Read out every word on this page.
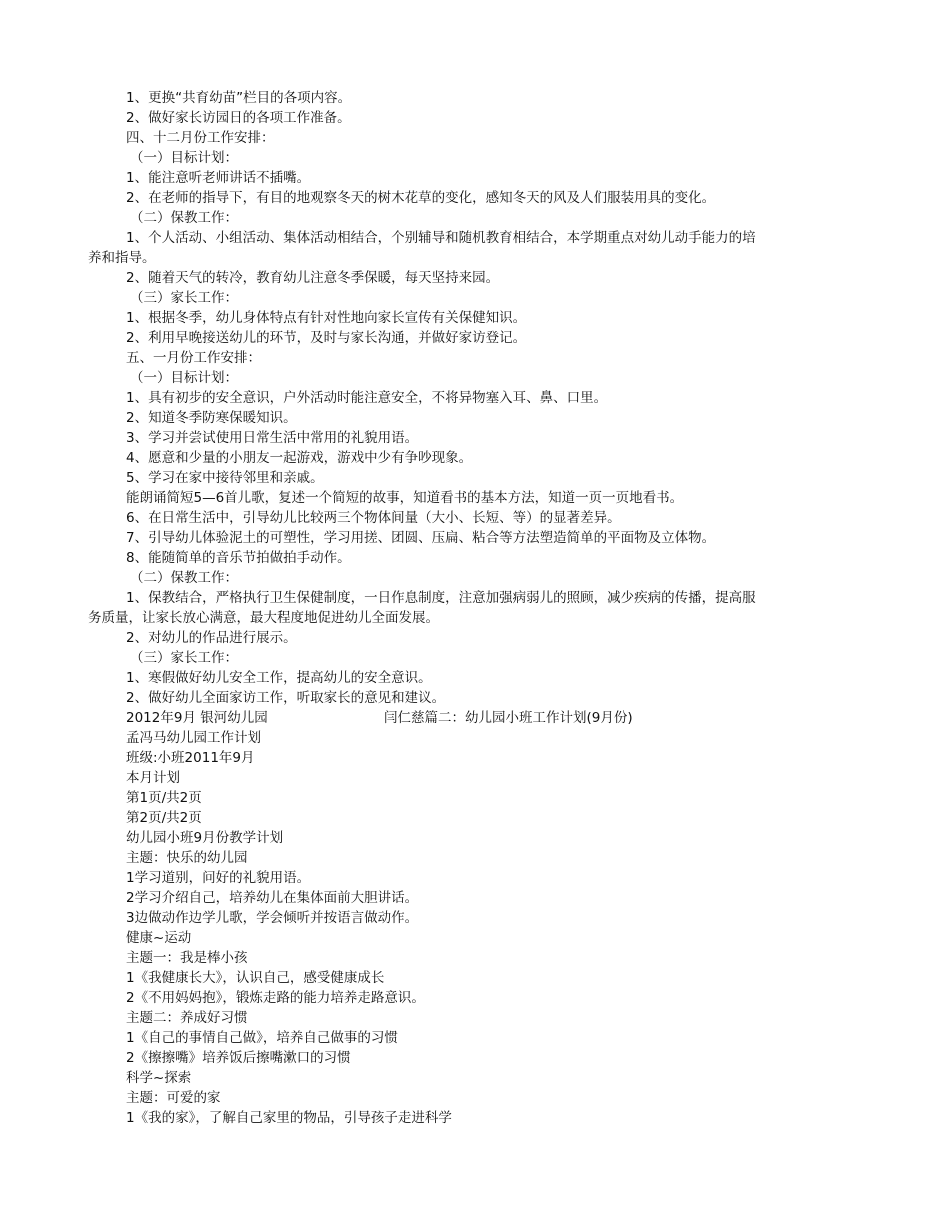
1、更换“共育幼苗”栏目的各项内容。
2、做好家长访园日的各项工作准备。
四、十二月份工作安排：
（一）目标计划：
1、能注意听老师讲话不插嘴。
2、在老师的指导下，有目的地观察冬天的树木花草的变化，感知冬天的风及人们服装用具的变化。
（二）保教工作：
1、个人活动、小组活动、集体活动相结合，个别辅导和随机教育相结合，本学期重点对幼儿动手能力的培
养和指导。
2、随着天气的转冷，教育幼儿注意冬季保暖，每天坚持来园。
（三）家长工作：
1、根据冬季，幼儿身体特点有针对性地向家长宣传有关保健知识。
2、利用早晚接送幼儿的环节，及时与家长沟通，并做好家访登记。
五、一月份工作安排：
（一）目标计划：
1、具有初步的安全意识，户外活动时能注意安全，不将异物塞入耳、鼻、口里。
2、知道冬季防寒保暖知识。
3、学习并尝试使用日常生活中常用的礼貌用语。
4、愿意和少量的小朋友一起游戏，游戏中少有争吵现象。
5、学习在家中接待邻里和亲戚。
能朗诵简短5—6首儿歌，复述一个简短的故事，知道看书的基本方法，知道一页一页地看书。
6、在日常生活中，引导幼儿比较两三个物体间量（大小、长短、等）的显著差异。
7、引导幼儿体验泥土的可塑性，学习用搓、团圆、压扁、粘合等方法塑造简单的平面物及立体物。
8、能随简单的音乐节拍做拍手动作。
（二）保教工作：
1、保教结合，严格执行卫生保健制度，一日作息制度，注意加强病弱儿的照顾，减少疾病的传播，提高服
务质量，让家长放心满意，最大程度地促进幼儿全面发展。
2、对幼儿的作品进行展示。
（三）家长工作：
1、寒假做好幼儿安全工作，提高幼儿的安全意识。
2、做好幼儿全面家访工作，听取家长的意见和建议。
2012年9月 银河幼儿园	闫仁慈篇二：幼儿园小班工作计划(9月份)
孟冯马幼儿园工作计划
班级:小班2011年9月
本月计划
第1页/共2页
第2页/共2页
幼儿园小班9月份教学计划
主题：快乐的幼儿园
1学习道别，问好的礼貌用语。
2学习介绍自己，培养幼儿在集体面前大胆讲话。
3边做动作边学儿歌，学会倾听并按语言做动作。
健康~运动
主题一：我是棒小孩
1《我健康长大》，认识自己，感受健康成长
2《不用妈妈抱》，锻炼走路的能力培养走路意识。
主题二：养成好习惯
1《自己的事情自己做》，培养自己做事的习惯
2《擦擦嘴》培养饭后擦嘴漱口的习惯
科学~探索
主题：可爱的家
1《我的家》，了解自己家里的物品，引导孩子走进科学
